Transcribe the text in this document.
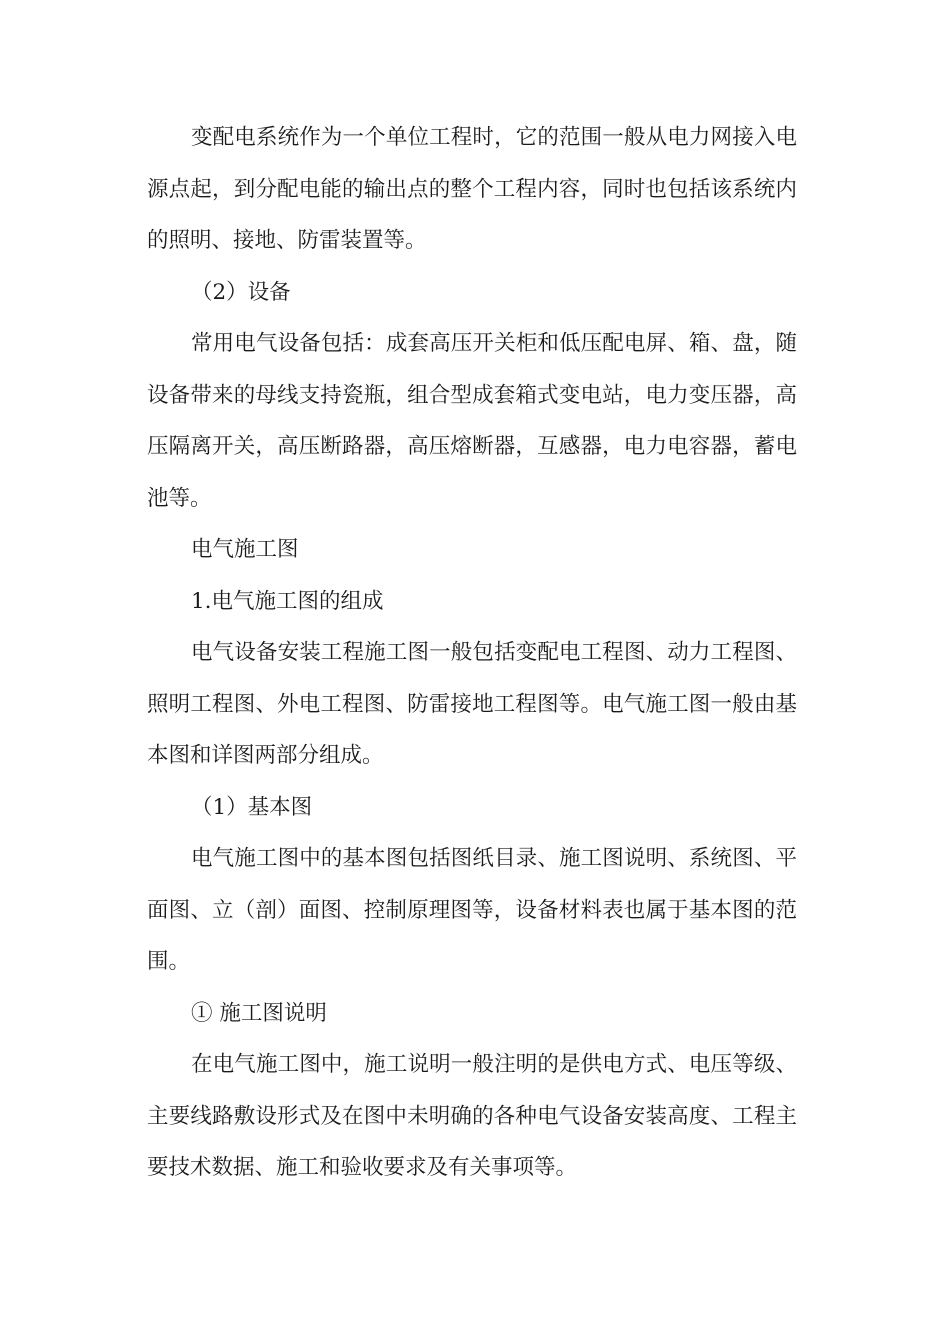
变配电系统作为一个单位工程时，它的范围一般从电力网接入电源点起，到分配电能的输出点的整个工程内容，同时也包括该系统内的照明、接地、防雷装置等。

（2）设备

常用电气设备包括：成套高压开关柜和低压配电屏、箱、盘，随设备带来的母线支持瓷瓶，组合型成套箱式变电站，电力变压器，高压隔离开关，高压断路器，高压熔断器，互感器，电力电容器，蓄电池等。

电气施工图

1.电气施工图的组成

电气设备安装工程施工图一般包括变配电工程图、动力工程图、照明工程图、外电工程图、防雷接地工程图等。电气施工图一般由基本图和详图两部分组成。

（1）基本图

电气施工图中的基本图包括图纸目录、施工图说明、系统图、平面图、立（剖）面图、控制原理图等，设备材料表也属于基本图的范围。

① 施工图说明

在电气施工图中，施工说明一般注明的是供电方式、电压等级、主要线路敷设形式及在图中未明确的各种电气设备安装高度、工程主要技术数据、施工和验收要求及有关事项等。
